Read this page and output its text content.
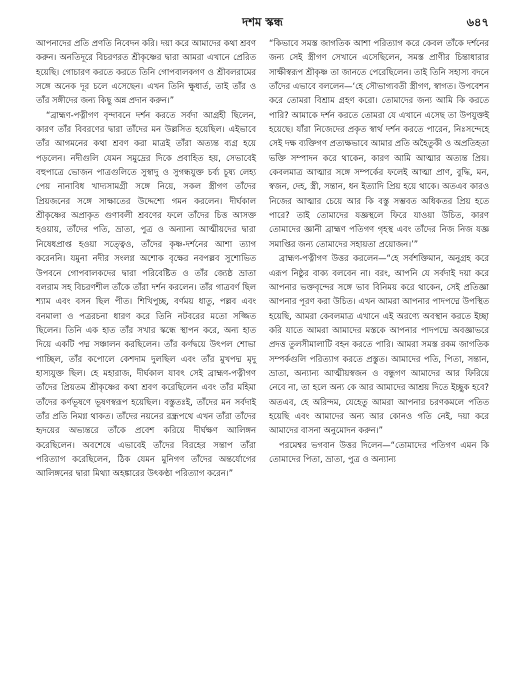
দশম স্কন্ধ	৬৪৭

আপনাদের প্রতি প্রণতি নিবেদন করি। দয়া করে আমাদের কথা শ্রবণ করুন। অনতিদূরে বিচরণরত শ্রীকৃষ্ণের দ্বারা আমরা এখানে প্রেরিত হয়েছি। গোচারণ করতে করতে তিনি গোপবালকগণ ও শ্রীবলরামের সঙ্গে অনেক দূর চলে এসেছেন। এখন তিনি ক্ষুধার্ত, তাই তাঁর ও তাঁর সঙ্গীদের জন্য কিছু অন্ন প্রদান করুন।”

“ব্রাহ্মণ-পত্নীগণ বৃন্দাবনে দর্শন করতে সর্বদা আগ্রহী ছিলেন, কারণ তাঁর বিবরণের দ্বারা তাঁদের মন উল্লসিত হয়েছিল। এইভাবে তাঁর আগমনের কথা শ্রবণ করা মাত্রই তাঁরা অত্যন্ত ব্যগ্র হয়ে পড়লেন। নদীগুলি যেমন সমুদ্রের দিকে প্রবাহিত হয়, সেভাবেই বহুপাত্রে ভোজন পাত্রগুলিতে সুস্বাদু ও সুগন্ধযুক্ত চর্ব্য চূষ্য লেহ্য পেয় নানাবিধ খাদ্যসামগ্রী সঙ্গে নিয়ে, সকল স্ত্রীগণ তাঁদের প্রিয়জনের সঙ্গে সাক্ষাতের উদ্দেশ্যে গমন করলেন। দীর্ঘকাল শ্রীকৃষ্ণের অপ্রাকৃত গুণাবলী শ্রবণের ফলে তাঁদের চিত্ত আসক্ত হওয়ায়, তাঁদের পতি, ভ্রাতা, পুত্র ও অন্যান্য আত্মীয়দের দ্বারা নিষেধপ্রাপ্ত হওয়া সত্ত্বেও, তাঁদের কৃষ্ণ-দর্শনের আশা ত্যাগ করেননি। যমুনা নদীর সংলগ্ন অশোক বৃক্ষের নবপল্লব সুশোভিত উপবনে গোপবালকদের দ্বারা পরিবেষ্টিত ও তাঁর জ্যেষ্ঠ ভ্রাতা বলরাম সহ বিচরণশীল তাঁকে তাঁরা দর্শন করলেন। তাঁর গাত্রবর্ণ ছিল শ্যাম এবং বসন ছিল পীত। শিখিপুচ্ছ, বর্ণময় ধাতু, পল্লব এবং বনমালা ও পত্ররচনা ধারণ করে তিনি নটবরের মতো সজ্জিত ছিলেন। তিনি এক হাত তাঁর সখার স্কন্ধে স্থাপন করে, অন্য হাত দিয়ে একটি পদ্ম সঞ্চালন করছিলেন। তাঁর কর্ণদ্বয়ে উৎপল শোভা পাচ্ছিল, তাঁর কপোলে কেশদাম দুলছিল এবং তাঁর মুখপদ্ম মৃদু হাস্যযুক্ত ছিল। হে মহারাজ, দীর্ঘকাল যাবৎ সেই ব্রাহ্মণ-পত্নীগণ তাঁদের প্রিয়তম শ্রীকৃষ্ণের কথা শ্রবণ করেছিলেন এবং তাঁর মহিমা তাঁদের কর্ণভূষণে ভূষণস্বরূপ হয়েছিল। বস্তুতঃই, তাঁদের মন সর্বদাই তাঁর প্রতি নিমগ্ন থাকত। তাঁদের নয়নের রন্ধ্রপথে এখন তাঁরা তাঁদের হৃদয়ের অভ্যন্তরে তাঁকে প্রবেশ করিয়ে দীর্ঘক্ষণ আলিঙ্গন করেছিলেন। অবশেষে এভাবেই তাঁদের বিরহের সন্তাপ তাঁরা পরিত্যাগ করেছিলেন, ঠিক যেমন মুনিগণ তাঁদের অন্তর্যোগের আলিঙ্গনের দ্বারা মিথ্যা অহঙ্কারের উৎকণ্ঠা পরিত্যাগ করেন।”

“কিভাবে সমস্ত জাগতিক আশা পরিত্যাগ করে কেবল তাঁকে দর্শনের জন্য সেই স্ত্রীগণ সেখানে এসেছিলেন, সমস্ত প্রাণীর চিন্তাধারার সাক্ষীস্বরূপ শ্রীকৃষ্ণ তা জানতে পেরেছিলেন। তাই তিনি সহাস্য বদনে তাঁদের এভাবে বললেন—‘হে সৌভাগ্যবতী স্ত্রীগণ, স্বাগত। উপবেশন করে তোমরা বিশ্রাম গ্রহণ করো। তোমাদের জন্য আমি কি করতে পারি? আমাকে দর্শন করতে তোমরা যে এখানে এসেছ তা উপযুক্তই হয়েছে। যাঁরা নিজেদের প্রকৃত স্বার্থ দর্শন করতে পারেন, নিঃসন্দেহে সেই দক্ষ ব্যক্তিগণ প্রত্যক্ষভাবে আমার প্রতি অহৈতুকী ও অপ্রতিহতা ভক্তি সম্পাদন করে থাকেন, কারণ আমি আত্মার অত্যন্ত প্রিয়। কেবলমাত্র আত্মার সঙ্গে সম্পর্কের ফলেই আত্মা প্রাণ, বুদ্ধি, মন, স্বজন, দেহ, স্ত্রী, সন্তান, ধন ইত্যাদি প্রিয় হয়ে থাকে। অতএব কারও নিজের আত্মার চেয়ে আর কি বস্তু সম্ভবত অধিকতর প্রিয় হতে পারে? তাই তোমাদের যজ্ঞস্থলে ফিরে যাওয়া উচিত, কারণ তোমাদের জ্ঞানী ব্রাহ্মণ পতিগণ গৃহস্থ এবং তাঁদের নিজ নিজ যজ্ঞ সমাপ্তির জন্য তোমাদের সহায়তা প্রয়োজন।’”

ব্রাহ্মণ-পত্নীগণ উত্তর করলেন—“হে সর্বশক্তিমান, অনুগ্রহ করে এরূপ নিষ্ঠুর বাক্য বলবেন না। বরং, আপনি যে সর্বদাই দয়া করে আপনার ভক্তবৃন্দের সঙ্গে ভাব বিনিময় করে থাকেন, সেই প্রতিজ্ঞা আপনার পূরণ করা উচিত। এখন আমরা আপনার পাদপদ্মে উপস্থিত হয়েছি, আমরা কেবলমাত্র এখানে এই অরণ্যে অবস্থান করতে ইচ্ছা করি যাতে আমরা আমাদের মস্তকে আপনার পাদপদ্মে অবজ্ঞাভরে প্রদত্ত তুলসীমালাটি বহন করতে পারি। আমরা সমস্ত রকম জাগতিক সম্পর্কগুলি পরিত্যাগ করতে প্রস্তুত। আমাদের পতি, পিতা, সন্তান, ভ্রাতা, অন্যান্য আত্মীয়স্বজন ও বন্ধুগণ আমাদের আর ফিরিয়ে নেবে না, তা হলে অন্য কে আর আমাদের আশ্রয় দিতে ইচ্ছুক হবে? অতএব, হে অরিন্দম, যেহেতু আমরা আপনার চরণকমলে পতিত হয়েছি এবং আমাদের অন্য আর কোনও গতি নেই, দয়া করে আমাদের বাসনা অনুমোদন করুন।”

পরমেশ্বর ভগবান উত্তর দিলেন—“তোমাদের পতিগণ এমন কি তোমাদের পিতা, ভ্রাতা, পুত্র ও অন্যান্য
